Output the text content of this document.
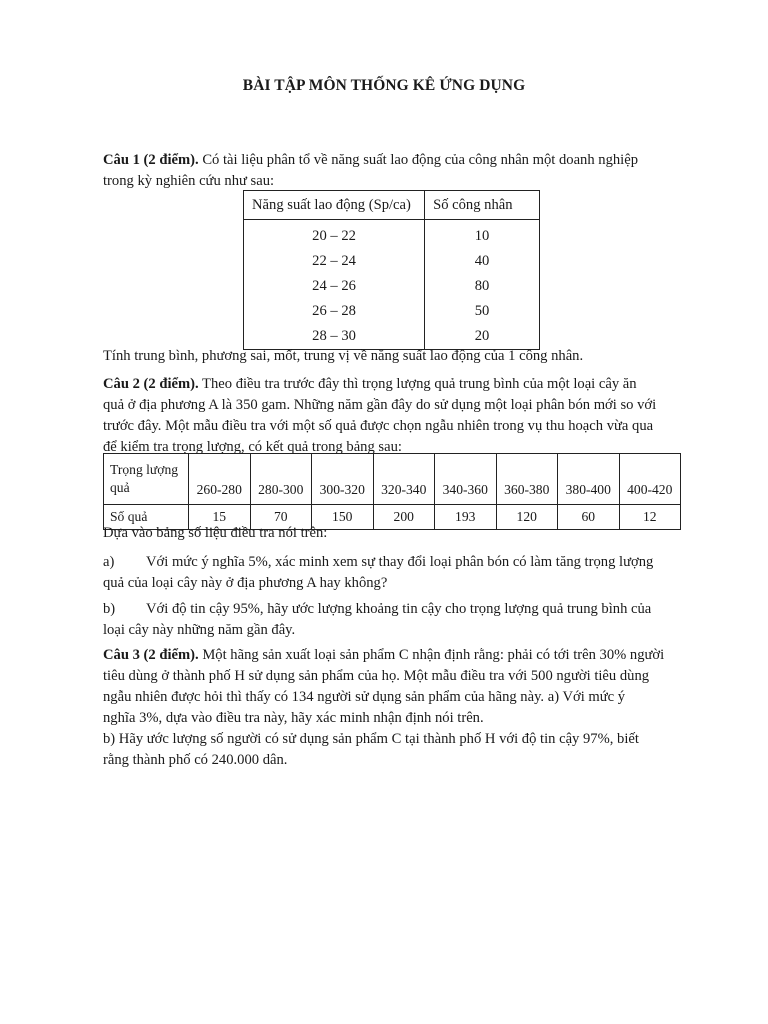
BÀI TẬP MÔN THỐNG KÊ ỨNG DỤNG
Câu 1 (2 điểm). Có tài liệu phân tổ về năng suất lao động của công nhân một doanh nghiệp
trong kỳ nghiên cứu như sau:
Năng suất lao động (Sp/ca)	Số công nhân
20 – 22	10
22 – 24	40
24 – 26	80
26 – 28	50
28 – 30	20
Tính trung bình, phương sai, mốt, trung vị về năng suất lao động của 1 công nhân.
Câu 2 (2 điểm). Theo điều tra trước đây thì trọng lượng quả trung bình của một loại cây ăn
quả ở địa phương A là 350 gam. Những năm gần đây do sử dụng một loại phân bón mới so với
trước đây. Một mẫu điều tra với một số quả được chọn ngẫu nhiên trong vụ thu hoạch vừa qua
để kiểm tra trọng lượng, có kết quả trong bảng sau:
Trọng lượng
quả	260-280	280-300	300-320	320-340	340-360	360-380	380-400	400-420
Số quả	15	70	150	200	193	120	60	12
Dựa vào bảng số liệu điều tra nói trên:
a) Với mức ý nghĩa 5%, xác minh xem sự thay đổi loại phân bón có làm tăng trọng lượng
quả của loại cây này ở địa phương A hay không?
b) Với độ tin cậy 95%, hãy ước lượng khoảng tin cậy cho trọng lượng quả trung bình của
loại cây này những năm gần đây.
Câu 3 (2 điểm). Một hãng sản xuất loại sản phẩm C nhận định rằng: phải có tới trên 30% người
tiêu dùng ở thành phố H sử dụng sản phẩm của họ. Một mẫu điều tra với 500 người tiêu dùng
ngẫu nhiên được hỏi thì thấy có 134 người sử dụng sản phẩm của hãng này. a) Với mức ý
nghĩa 3%, dựa vào điều tra này, hãy xác minh nhận định nói trên.
b) Hãy ước lượng số người có sử dụng sản phẩm C tại thành phố H với độ tin cậy 97%, biết
rằng thành phố có 240.000 dân.
